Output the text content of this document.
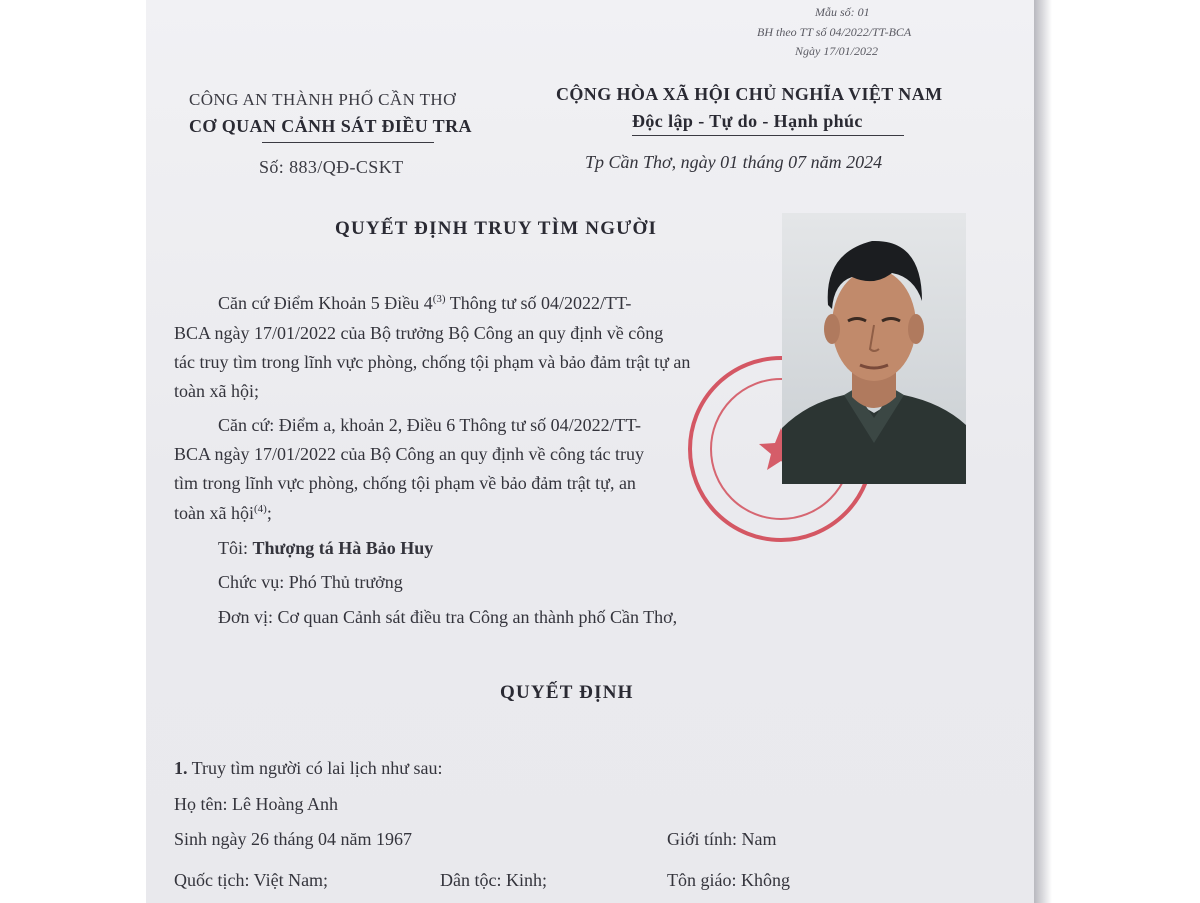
Mẫu số: 01
BH theo TT số 04/2022/TT-BCA
Ngày 17/01/2022
CÔNG AN THÀNH PHỐ CẦN THƠ
CƠ QUAN CẢNH SÁT ĐIỀU TRA
Số: 883/QĐ-CSKT
CỘNG HÒA XÃ HỘI CHỦ NGHĨA VIỆT NAM
Độc lập - Tự do - Hạnh phúc
Tp Cần Thơ, ngày 01 tháng 07 năm 2024
QUYẾT ĐỊNH TRUY TÌM NGƯỜI
Căn cứ Điểm Khoản 5 Điều 4$^{(3)}$ Thông tư số 04/2022/TT-
BCA ngày 17/01/2022 của Bộ trưởng Bộ Công an quy định về công
tác truy tìm trong lĩnh vực phòng, chống tội phạm và bảo đảm trật tự an
toàn xã hội;
Căn cứ: Điểm a, khoản 2, Điều 6 Thông tư số 04/2022/TT-
BCA ngày 17/01/2022 của Bộ Công an quy định về công tác truy
tìm trong lĩnh vực phòng, chống tội phạm về bảo đảm trật tự, an
toàn xã hội$^{(4)}$;
Tôi: Thượng tá Hà Bảo Huy
Chức vụ: Phó Thủ trưởng
Đơn vị: Cơ quan Cảnh sát điều tra Công an thành phố Cần Thơ,
QUYẾT ĐỊNH
1. Truy tìm người có lai lịch như sau:
Họ tên: Lê Hoàng Anh
Sinh ngày 26 tháng 04 năm 1967	Giới tính: Nam
Quốc tịch: Việt Nam;	Dân tộc: Kinh;	Tôn giáo: Không
